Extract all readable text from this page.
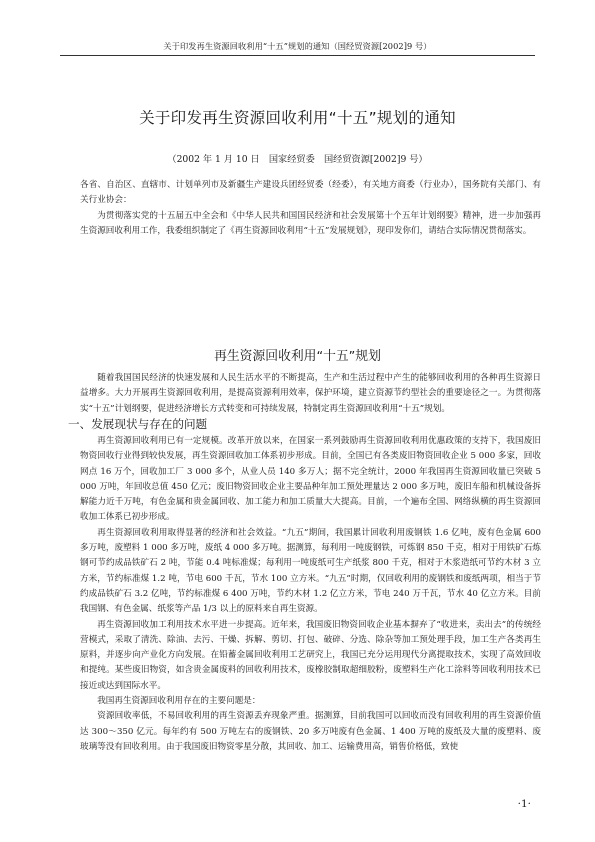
关于印发再生资源回收利用“十五”规划的通知（国经贸资源[2002]9 号）
关于印发再生资源回收利用“十五”规划的通知
（2002 年 1 月 10 日　国家经贸委　国经贸资源[2002]9 号）

各省、自治区、直辖市、计划单列市及新疆生产建设兵团经贸委（经委），有关地方商委（行业办），国务院有关部门、有关行业协会：

为贯彻落实党的十五届五中全会和《中华人民共和国国民经济和社会发展第十个五年计划纲要》精神，进一步加强再生资源回收利用工作，我委组织制定了《再生资源回收利用“十五”发展规划》，现印发你们，请结合实际情况贯彻落实。

再生资源回收利用“十五”规划

随着我国国民经济的快速发展和人民生活水平的不断提高，生产和生活过程中产生的能够回收利用的各种再生资源日益增多。大力开展再生资源回收利用，是提高资源利用效率，保护环境，建立资源节约型社会的重要途径之一。为贯彻落实“十五”计划纲要，促进经济增长方式转变和可持续发展，特制定再生资源回收利用“十五”规划。

一、发展现状与存在的问题

再生资源回收利用已有一定规模。改革开放以来，在国家一系列鼓励再生资源回收利用优惠政策的支持下，我国废旧物资回收行业得到较快发展，再生资源回收加工体系初步形成。目前，全国已有各类废旧物资回收企业 5 000 多家，回收网点 16 万个，回收加工厂 3 000 多个，从业人员 140 多万人；据不完全统计，2000 年我国再生资源回收量已突破 5 000 万吨，年回收总值 450 亿元；废旧物资回收企业主要品种年加工预处理量达 2 000 多万吨，废旧车船和机械设备拆解能力近千万吨，有色金属和贵金属回收、加工能力和加工质量大大提高。目前，一个遍布全国、网络纵横的再生资源回收加工体系已初步形成。

再生资源回收利用取得显著的经济和社会效益。“九五”期间，我国累计回收利用废钢铁 1.6 亿吨，废有色金属 600 多万吨，废塑料 1 000 多万吨，废纸 4 000 多万吨。据测算，每利用一吨废钢铁，可炼钢 850 千克，相对于用铁矿石炼钢可节约成品铁矿石 2 吨，节能 0.4 吨标准煤；每利用一吨废纸可生产纸浆 800 千克，相对于木浆造纸可节约木材 3 立方米，节约标准煤 1.2 吨，节电 600 千瓦，节水 100 立方米。“九五”时期，仅回收利用的废钢铁和废纸两项，相当于节约成品铁矿石 3.2 亿吨，节约标准煤 6 400 万吨，节约木材 1.2 亿立方米，节电 240 万千瓦，节水 40 亿立方米。目前我国钢、有色金属、纸浆等产品 1/3 以上的原料来自再生资源。

再生资源回收加工利用技术水平进一步提高。近年来，我国废旧物资回收企业基本摒弃了“收进来，卖出去”的传统经营模式，采取了清洗、除油、去污、干燥、拆解、剪切、打包、破碎、分选、除杂等加工预处理手段，加工生产各类再生原料，并逐步向产业化方向发展。在铅蓄金属回收利用工艺研究上，我国已充分运用现代分离提取技术，实现了高效回收和提纯。某些废旧物资，如含贵金属废料的回收利用技术，废橡胶制取超细胶粉，废塑料生产化工涂料等回收利用技术已接近或达到国际水平。

我国再生资源回收利用存在的主要问题是：

资源回收率低，不易回收利用的再生资源丢弃现象严重。据测算，目前我国可以回收而没有回收利用的再生资源价值达 300～350 亿元。每年约有 500 万吨左右的废钢铁、20 多万吨废有色金属、1 400 万吨的废纸及大量的废塑料、废玻璃等没有回收利用。由于我国废旧物资零星分散，其回收、加工、运输费用高，销售价格低，致使

·1·
